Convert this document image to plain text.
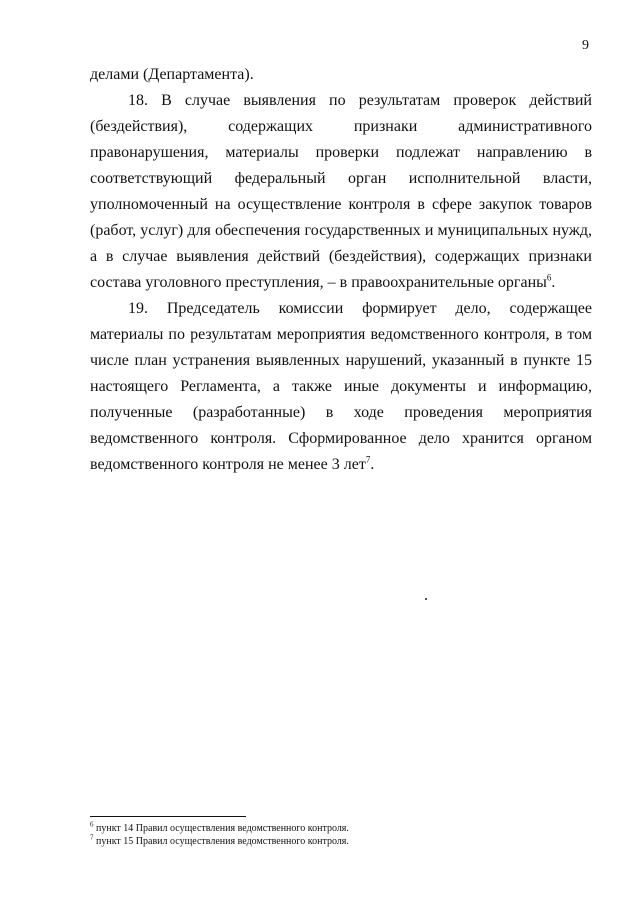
9

делами (Департамента).

18. В случае выявления по результатам проверок действий (бездействия), содержащих признаки административного правонарушения, материалы проверки подлежат направлению в соответствующий федеральный орган исполнительной власти, уполномоченный на осуществление контроля в сфере закупок товаров (работ, услуг) для обеспечения государственных и муниципальных нужд, а в случае выявления действий (бездействия), содержащих признаки состава уголовного преступления, – в правоохранительные органы$^6$.

19. Председатель комиссии формирует дело, содержащее материалы по результатам мероприятия ведомственного контроля, в том числе план устранения выявленных нарушений, указанный в пункте 15 настоящего Регламента, а также иные документы и информацию, полученные (разработанные) в ходе проведения мероприятия ведомственного контроля. Сформированное дело хранится органом ведомственного контроля не менее 3 лет$^7$.

$^6$ пункт 14 Правил осуществления ведомственного контроля.
$^7$ пункт 15 Правил осуществления ведомственного контроля.
